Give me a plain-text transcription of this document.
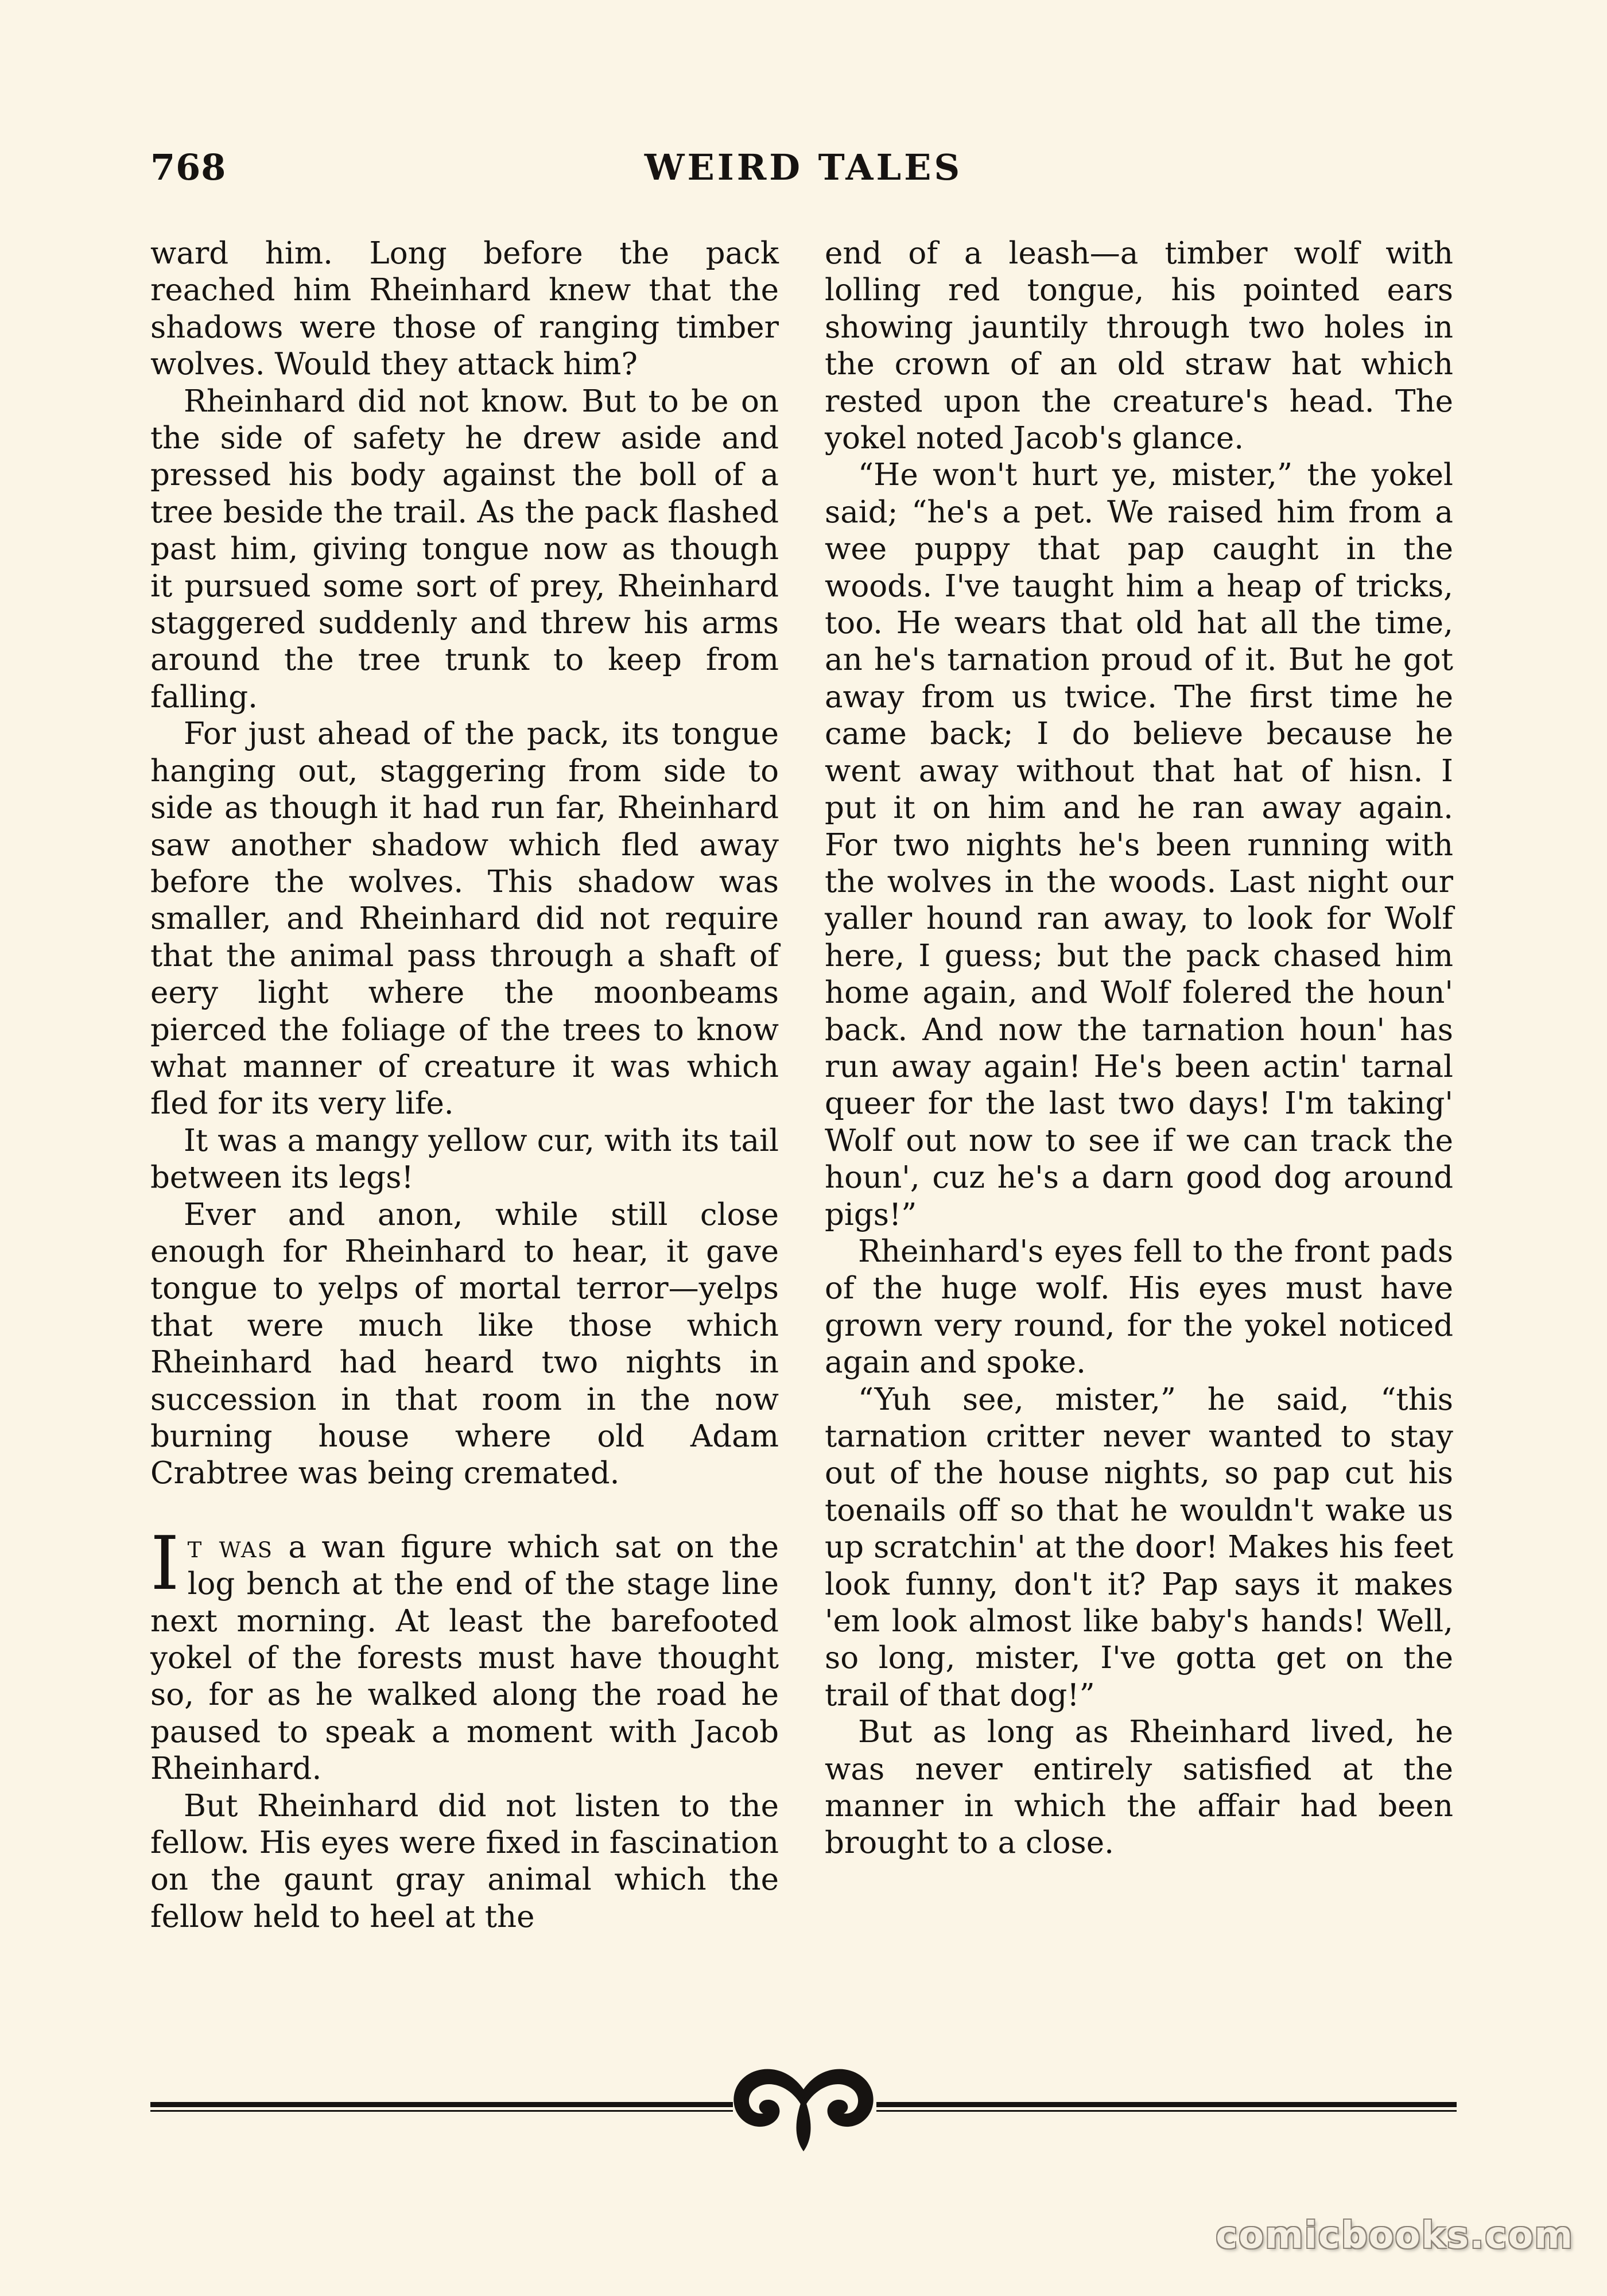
768	WEIRD TALES

ward him. Long before the pack reached him Rheinhard knew that the shadows were those of ranging timber wolves. Would they attack him?

Rheinhard did not know. But to be on the side of safety he drew aside and pressed his body against the boll of a tree beside the trail. As the pack flashed past him, giving tongue now as though it pursued some sort of prey, Rheinhard staggered suddenly and threw his arms around the tree trunk to keep from falling.

For just ahead of the pack, its tongue hanging out, staggering from side to side as though it had run far, Rheinhard saw another shadow which fled away before the wolves. This shadow was smaller, and Rheinhard did not require that the animal pass through a shaft of eery light where the moonbeams pierced the foliage of the trees to know what manner of creature it was which fled for its very life.

It was a mangy yellow cur, with its tail between its legs!

Ever and anon, while still close enough for Rheinhard to hear, it gave tongue to yelps of mortal terror—yelps that were much like those which Rheinhard had heard two nights in succession in that room in the now burning house where old Adam Crabtree was being cremated.

It was a wan figure which sat on the log bench at the end of the stage line next morning. At least the barefooted yokel of the forests must have thought so, for as he walked along the road he paused to speak a moment with Jacob Rheinhard.

But Rheinhard did not listen to the fellow. His eyes were fixed in fascination on the gaunt gray animal which the fellow held to heel at the

end of a leash—a timber wolf with lolling red tongue, his pointed ears showing jauntily through two holes in the crown of an old straw hat which rested upon the creature's head. The yokel noted Jacob's glance.

“He won't hurt ye, mister,” the yokel said; “he's a pet. We raised him from a wee puppy that pap caught in the woods. I've taught him a heap of tricks, too. He wears that old hat all the time, an he's tarnation proud of it. But he got away from us twice. The first time he came back; I do believe because he went away without that hat of hisn. I put it on him and he ran away again. For two nights he's been running with the wolves in the woods. Last night our yaller hound ran away, to look for Wolf here, I guess; but the pack chased him home again, and Wolf folered the houn' back. And now the tarnation houn' has run away again! He's been actin' tarnal queer for the last two days! I'm taking' Wolf out now to see if we can track the houn', cuz he's a darn good dog around pigs!”

Rheinhard's eyes fell to the front pads of the huge wolf. His eyes must have grown very round, for the yokel noticed again and spoke.

“Yuh see, mister,” he said, “this tarnation critter never wanted to stay out of the house nights, so pap cut his toenails off so that he wouldn't wake us up scratchin' at the door! Makes his feet look funny, don't it? Pap says it makes 'em look almost like baby's hands! Well, so long, mister, I've gotta get on the trail of that dog!”

But as long as Rheinhard lived, he was never entirely satisfied at the manner in which the affair had been brought to a close.

comicbooks.com
